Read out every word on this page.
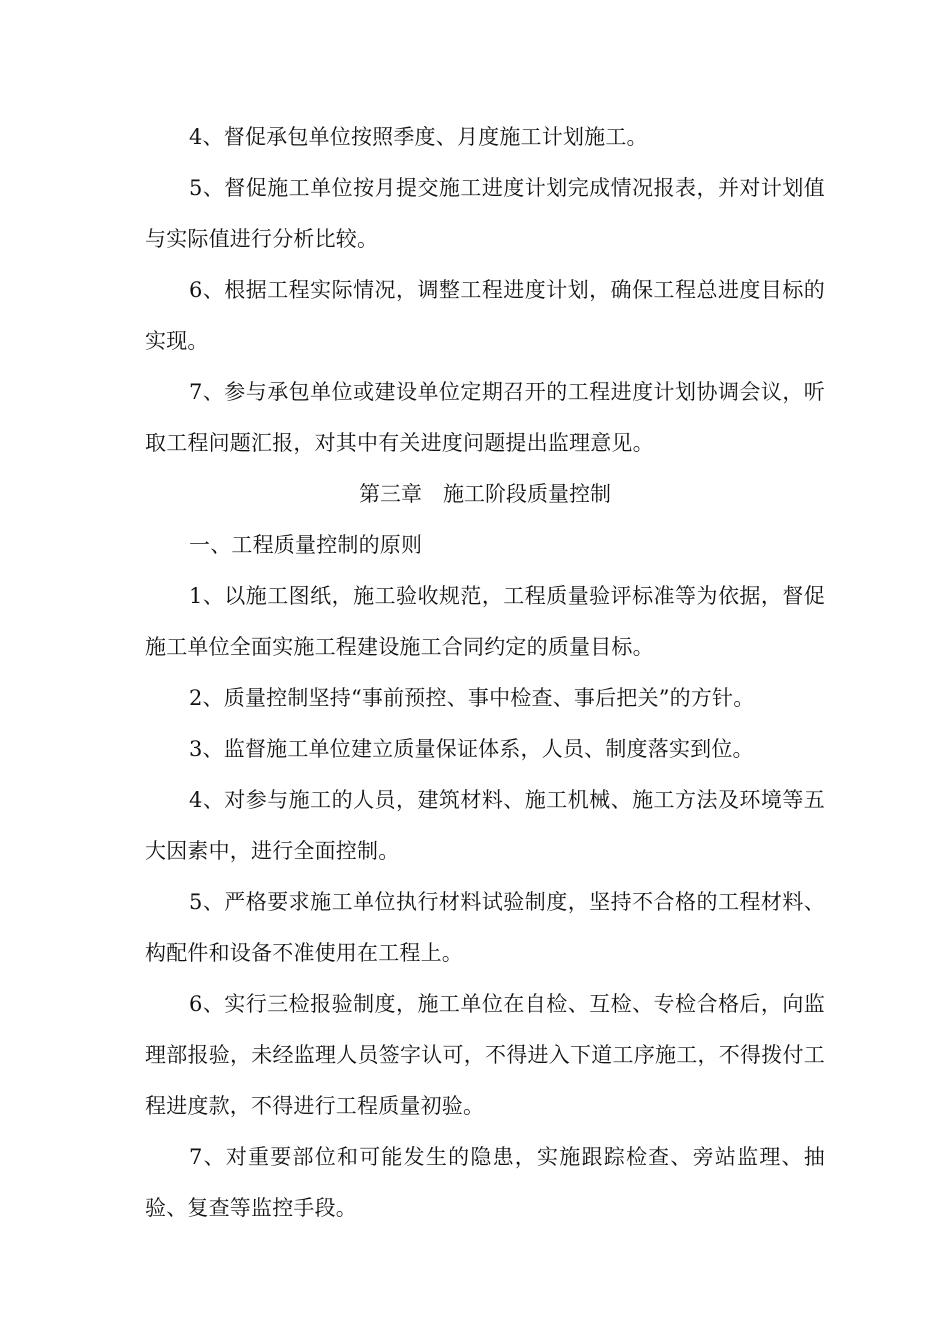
4、督促承包单位按照季度、月度施工计划施工。

5、督促施工单位按月提交施工进度计划完成情况报表，并对计划值与实际值进行分析比较。

6、根据工程实际情况，调整工程进度计划，确保工程总进度目标的实现。

7、参与承包单位或建设单位定期召开的工程进度计划协调会议，听取工程问题汇报，对其中有关进度问题提出监理意见。

第三章　施工阶段质量控制

一、工程质量控制的原则

1、以施工图纸，施工验收规范，工程质量验评标准等为依据，督促施工单位全面实施工程建设施工合同约定的质量目标。

2、质量控制坚持“事前预控、事中检查、事后把关”的方针。

3、监督施工单位建立质量保证体系，人员、制度落实到位。

4、对参与施工的人员，建筑材料、施工机械、施工方法及环境等五大因素中，进行全面控制。

5、严格要求施工单位执行材料试验制度，坚持不合格的工程材料、构配件和设备不准使用在工程上。

6、实行三检报验制度，施工单位在自检、互检、专检合格后，向监理部报验，未经监理人员签字认可，不得进入下道工序施工，不得拨付工程进度款，不得进行工程质量初验。

7、对重要部位和可能发生的隐患，实施跟踪检查、旁站监理、抽验、复查等监控手段。
